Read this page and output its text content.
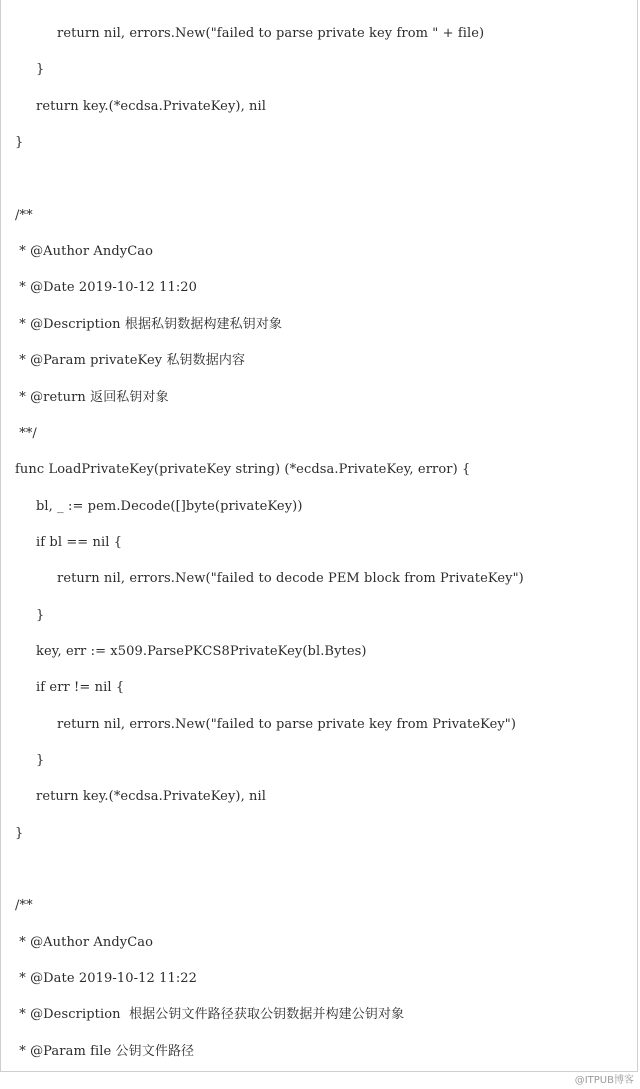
return nil, errors.New("failed to parse private key from " + file)
}
return key.(*ecdsa.PrivateKey), nil
}
/**
* @Author AndyCao
* @Date 2019-10-12 11:20
* @Description 根据私钥数据构建私钥对象
* @Param privateKey 私钥数据内容
* @return 返回私钥对象
**/
func LoadPrivateKey(privateKey string) (*ecdsa.PrivateKey, error) {
bl, _ := pem.Decode([]byte(privateKey))
if bl == nil {
return nil, errors.New("failed to decode PEM block from PrivateKey")
}
key, err := x509.ParsePKCS8PrivateKey(bl.Bytes)
if err != nil {
return nil, errors.New("failed to parse private key from PrivateKey")
}
return key.(*ecdsa.PrivateKey), nil
}
/**
* @Author AndyCao
* @Date 2019-10-12 11:22
* @Description  根据公钥文件路径获取公钥数据并构建公钥对象
* @Param file 公钥文件路径
@ITPUB博客
